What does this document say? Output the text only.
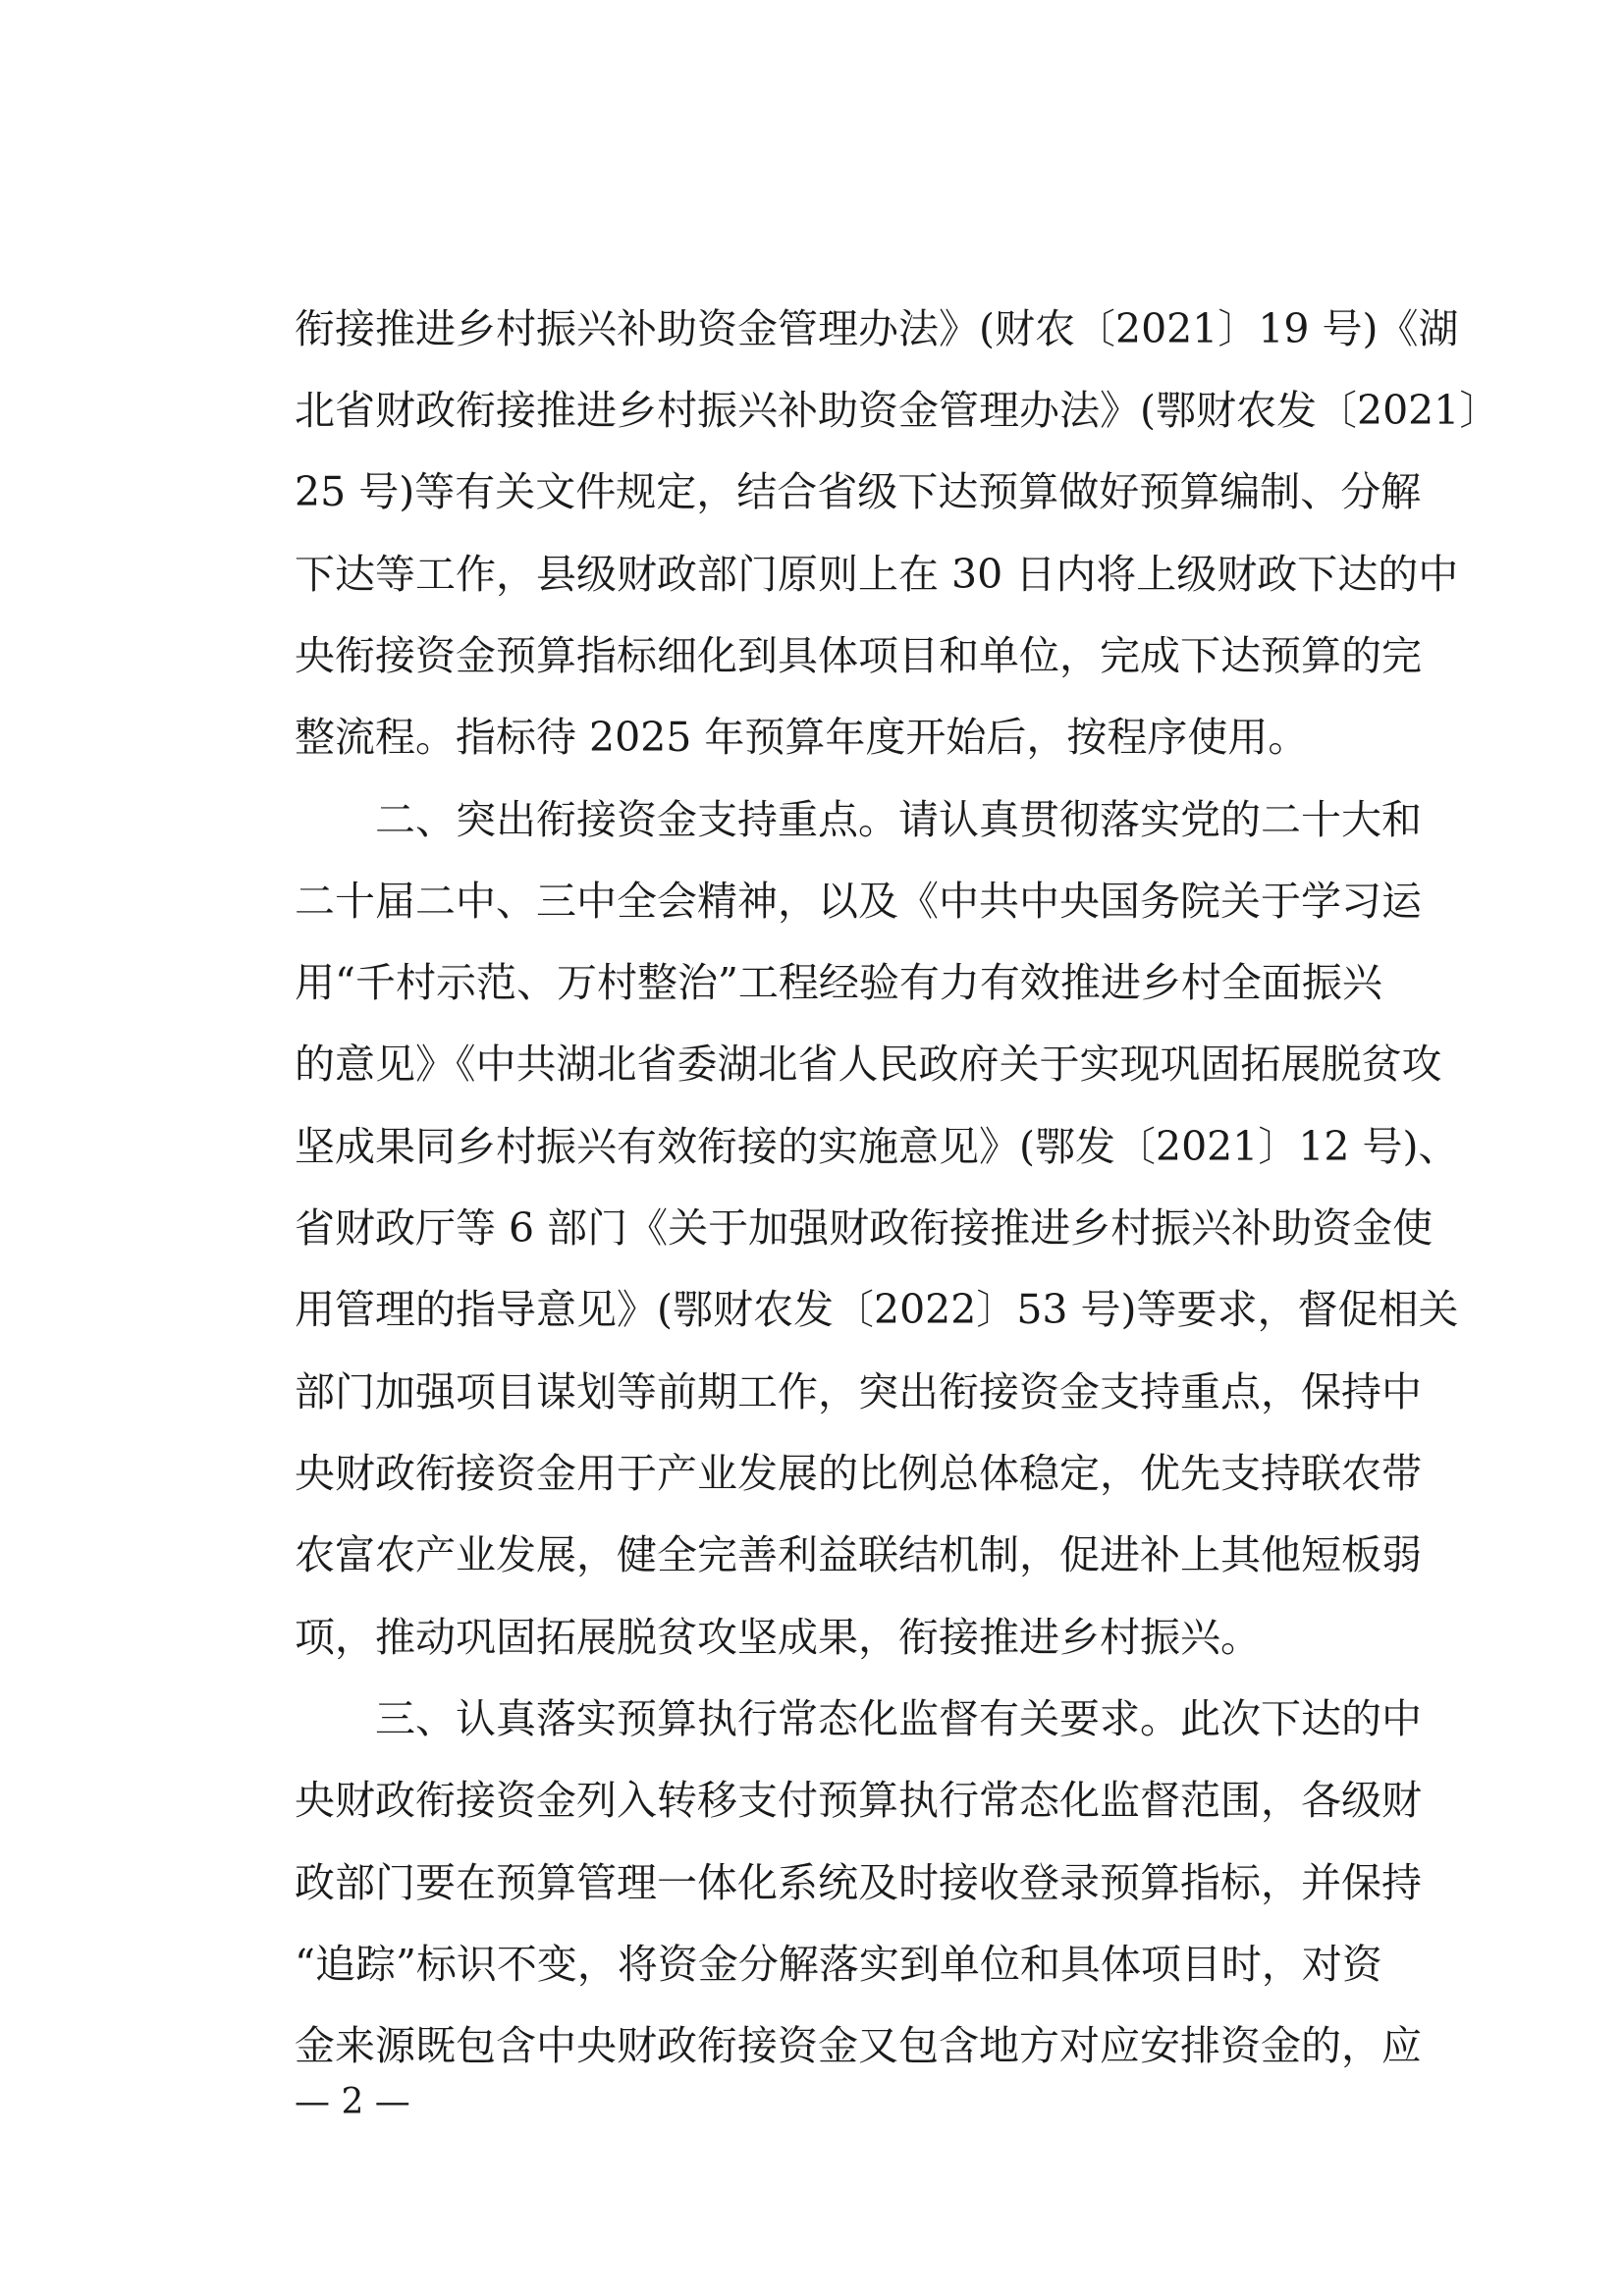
衔接推进乡村振兴补助资金管理办法》(财农〔2021〕19 号)《湖
北省财政衔接推进乡村振兴补助资金管理办法》(鄂财农发〔2021〕
25 号)等有关文件规定，结合省级下达预算做好预算编制、分解
下达等工作，县级财政部门原则上在 30 日内将上级财政下达的中
央衔接资金预算指标细化到具体项目和单位，完成下达预算的完
整流程。指标待 2025 年预算年度开始后，按程序使用。
二、突出衔接资金支持重点。请认真贯彻落实党的二十大和
二十届二中、三中全会精神，以及《中共中央国务院关于学习运
用“千村示范、万村整治”工程经验有力有效推进乡村全面振兴
的意见》《中共湖北省委湖北省人民政府关于实现巩固拓展脱贫攻
坚成果同乡村振兴有效衔接的实施意见》(鄂发〔2021〕12 号)、
省财政厅等 6 部门《关于加强财政衔接推进乡村振兴补助资金使
用管理的指导意见》(鄂财农发〔2022〕53 号)等要求，督促相关
部门加强项目谋划等前期工作，突出衔接资金支持重点，保持中
央财政衔接资金用于产业发展的比例总体稳定，优先支持联农带
农富农产业发展，健全完善利益联结机制，促进补上其他短板弱
项，推动巩固拓展脱贫攻坚成果，衔接推进乡村振兴。
三、认真落实预算执行常态化监督有关要求。此次下达的中
央财政衔接资金列入转移支付预算执行常态化监督范围，各级财
政部门要在预算管理一体化系统及时接收登录预算指标，并保持
“追踪”标识不变，将资金分解落实到单位和具体项目时，对资
金来源既包含中央财政衔接资金又包含地方对应安排资金的，应
— 2 —
